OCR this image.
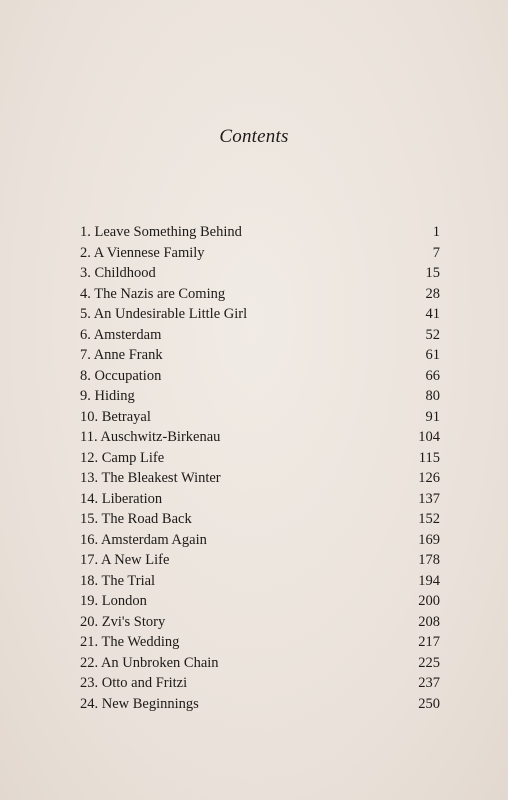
Contents
1. Leave Something Behind	1
2. A Viennese Family	7
3. Childhood	15
4. The Nazis are Coming	28
5. An Undesirable Little Girl	41
6. Amsterdam	52
7. Anne Frank	61
8. Occupation	66
9. Hiding	80
10. Betrayal	91
11. Auschwitz-Birkenau	104
12. Camp Life	115
13. The Bleakest Winter	126
14. Liberation	137
15. The Road Back	152
16. Amsterdam Again	169
17. A New Life	178
18. The Trial	194
19. London	200
20. Zvi's Story	208
21. The Wedding	217
22. An Unbroken Chain	225
23. Otto and Fritzi	237
24. New Beginnings	250
